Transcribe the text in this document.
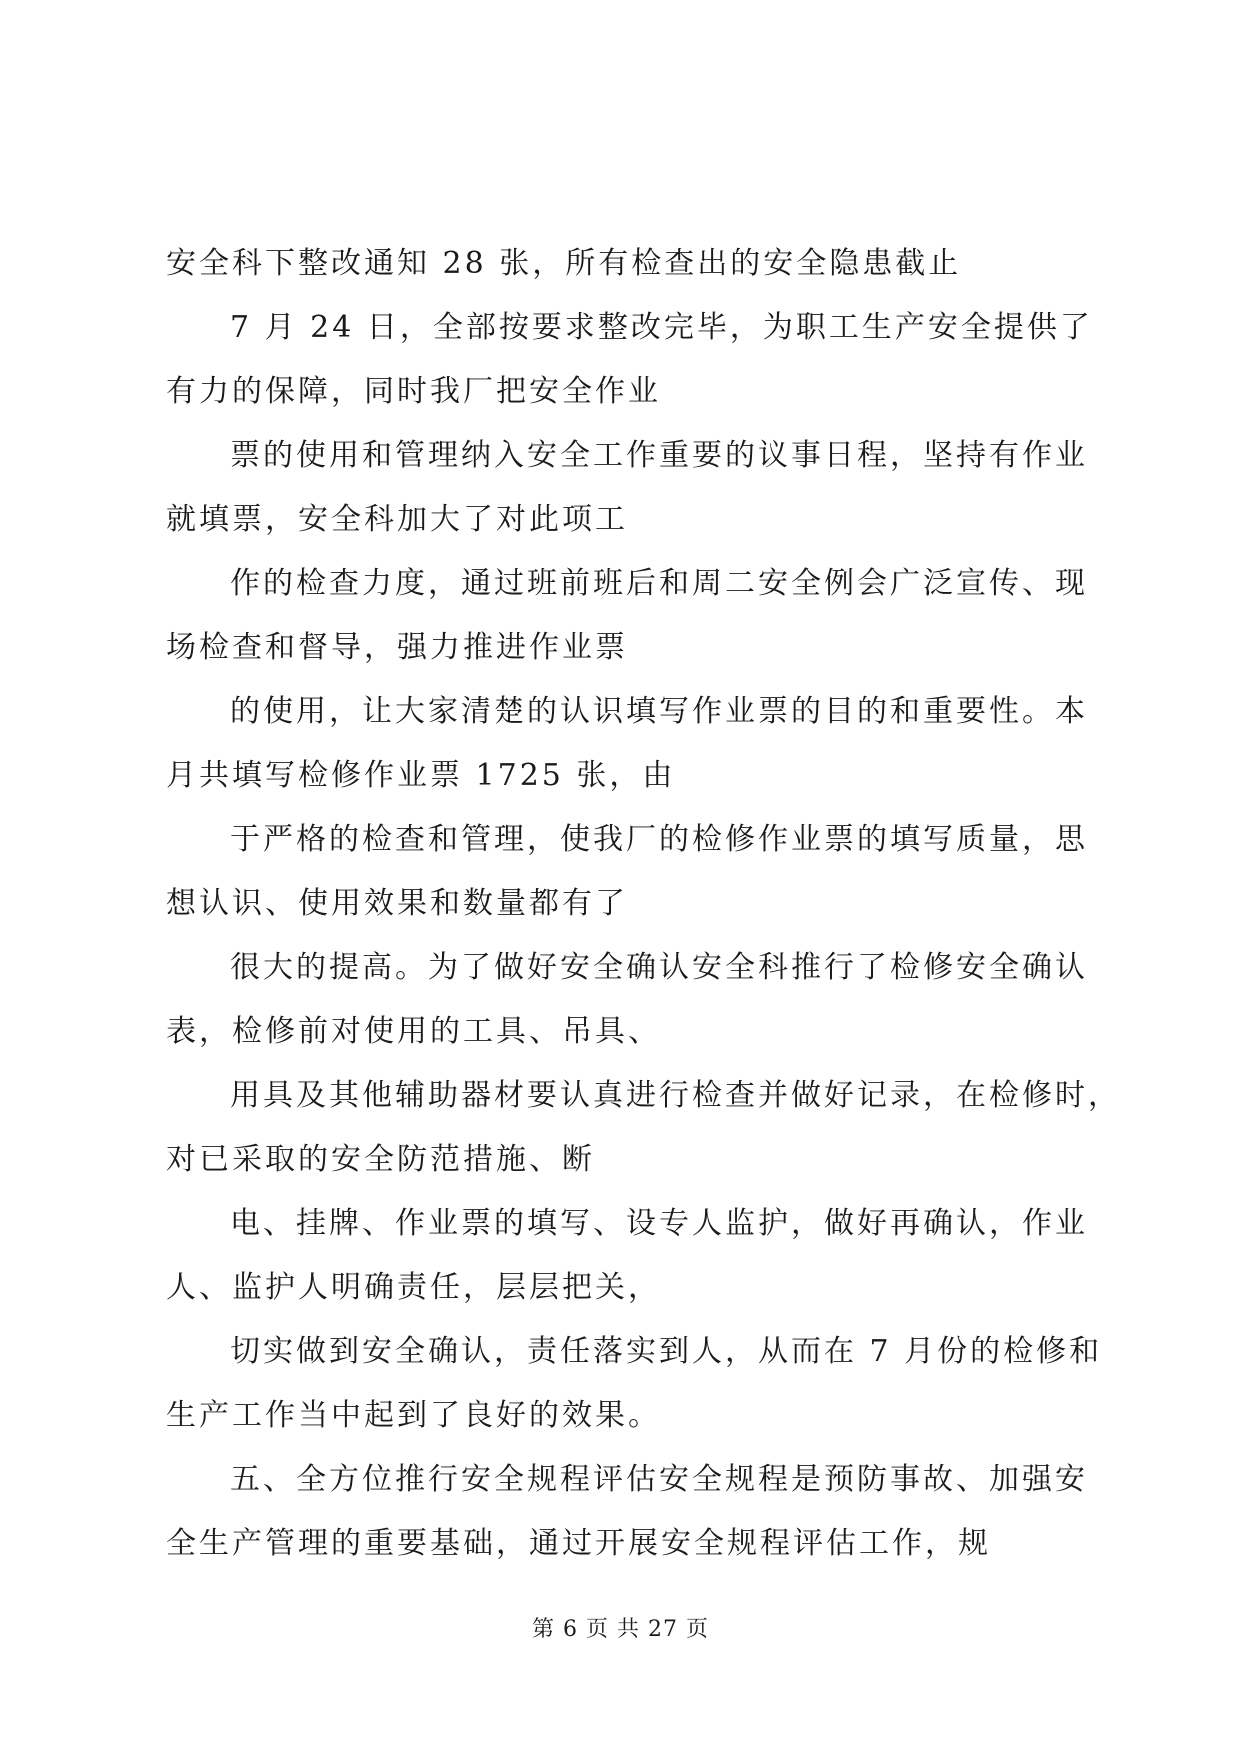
安全科下整改通知 28 张，所有检查出的安全隐患截止
7 月 24 日，全部按要求整改完毕，为职工生产安全提供了
有力的保障，同时我厂把安全作业
票的使用和管理纳入安全工作重要的议事日程，坚持有作业
就填票，安全科加大了对此项工
作的检查力度，通过班前班后和周二安全例会广泛宣传、现
场检查和督导，强力推进作业票
的使用，让大家清楚的认识填写作业票的目的和重要性。本
月共填写检修作业票 1725 张，由
于严格的检查和管理，使我厂的检修作业票的填写质量，思
想认识、使用效果和数量都有了
很大的提高。为了做好安全确认安全科推行了检修安全确认
表，检修前对使用的工具、吊具、
用具及其他辅助器材要认真进行检查并做好记录，在检修时，
对已采取的安全防范措施、断
电、挂牌、作业票的填写、设专人监护，做好再确认，作业
人、监护人明确责任，层层把关，
切实做到安全确认，责任落实到人，从而在 7 月份的检修和
生产工作当中起到了良好的效果。
五、全方位推行安全规程评估安全规程是预防事故、加强安
全生产管理的重要基础，通过开展安全规程评估工作，规
第 6 页 共 27 页
